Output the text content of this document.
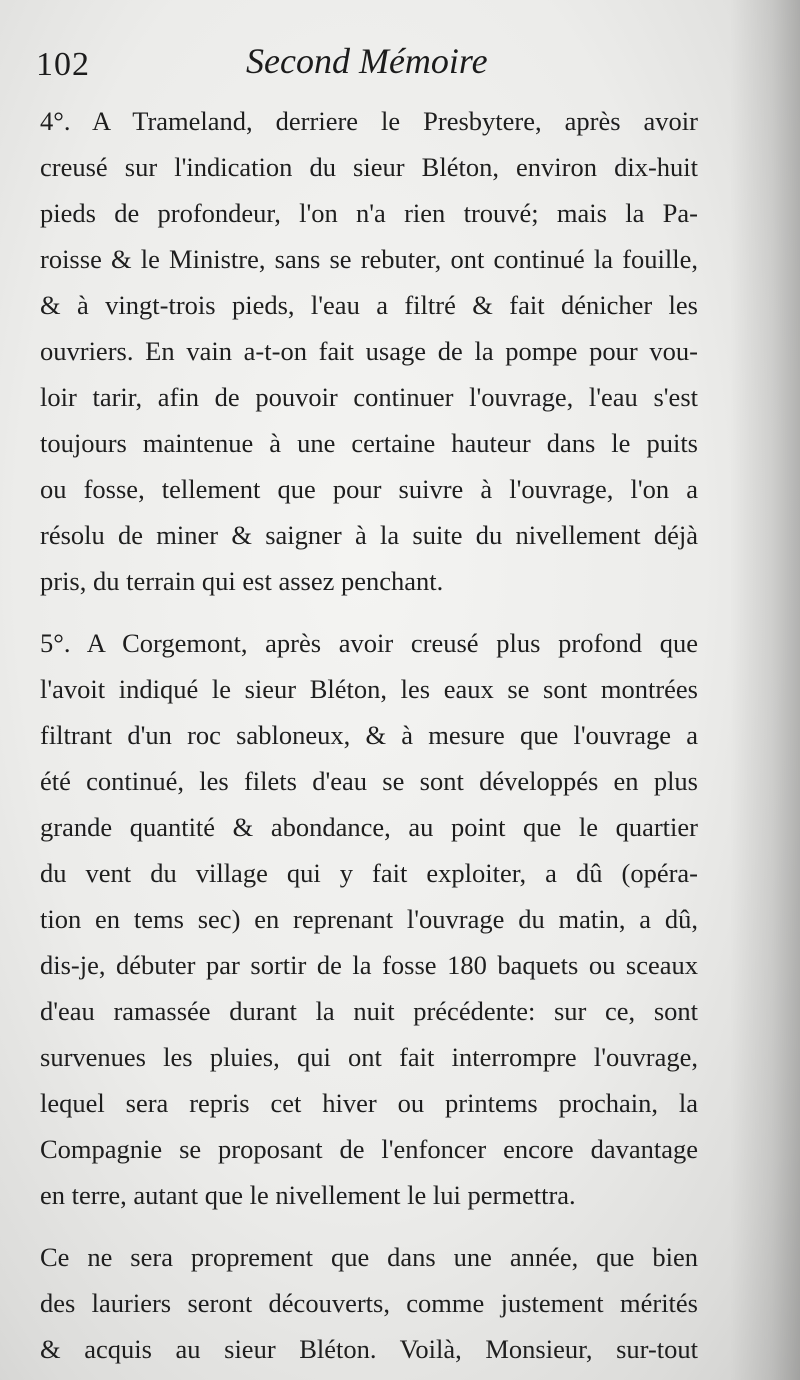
102	Second Mémoire
4°. A Trameland, derriere le Presbytere, après avoir
creusé sur l'indication du sieur Bléton, environ dix-huit
pieds de profondeur, l'on n'a rien trouvé; mais la Pa-
roisse & le Ministre, sans se rebuter, ont continué la fouille,
& à vingt-trois pieds, l'eau a filtré & fait dénicher les
ouvriers. En vain a-t-on fait usage de la pompe pour vou-
loir tarir, afin de pouvoir continuer l'ouvrage, l'eau s'est
toujours maintenue à une certaine hauteur dans le puits
ou fosse, tellement que pour suivre à l'ouvrage, l'on a
résolu de miner & saigner à la suite du nivellement déjà
pris, du terrain qui est assez penchant.
5°. A Corgemont, après avoir creusé plus profond que
l'avoit indiqué le sieur Bléton, les eaux se sont montrées
filtrant d'un roc sabloneux, & à mesure que l'ouvrage a
été continué, les filets d'eau se sont développés en plus
grande quantité & abondance, au point que le quartier
du vent du village qui y fait exploiter, a dû (opéra-
tion en tems sec) en reprenant l'ouvrage du matin, a dû,
dis-je, débuter par sortir de la fosse 180 baquets ou sceaux
d'eau ramassée durant la nuit précédente: sur ce, sont
survenues les pluies, qui ont fait interrompre l'ouvrage,
lequel sera repris cet hiver ou printems prochain, la
Compagnie se proposant de l'enfoncer encore davantage
en terre, autant que le nivellement le lui permettra.
Ce ne sera proprement que dans une année, que bien
des lauriers seront découverts, comme justement mérités
& acquis au sieur Bléton. Voilà, Monsieur, sur-tout
